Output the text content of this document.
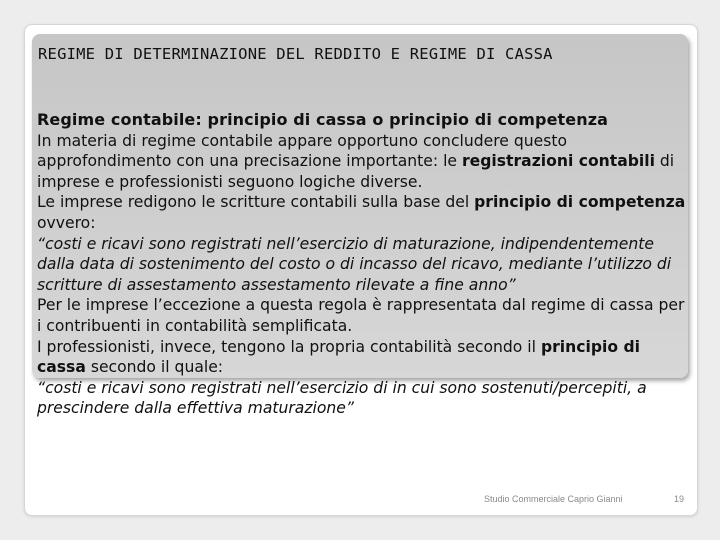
REGIME DI DETERMINAZIONE DEL REDDITO E REGIME DI CASSA

Regime contabile: principio di cassa o principio di competenza

In materia di regime contabile appare opportuno concludere questo approfondimento con una precisazione importante: le registrazioni contabili di imprese e professionisti seguono logiche diverse.

Le imprese redigono le scritture contabili sulla base del principio di competenza ovvero:

“costi e ricavi sono registrati nell’esercizio di maturazione, indipendentemente dalla data di sostenimento del costo o di incasso del ricavo, mediante l’utilizzo di scritture di assestamento assestamento rilevate a fine anno”

Per le imprese l’eccezione a questa regola è rappresentata dal regime di cassa per i contribuenti in contabilità semplificata.

I professionisti, invece, tengono la propria contabilità secondo il principio di cassa secondo il quale:

“costi e ricavi sono registrati nell’esercizio di in cui sono sostenuti/percepiti, a prescindere dalla effettiva maturazione”

Studio Commerciale Caprio Gianni	19
